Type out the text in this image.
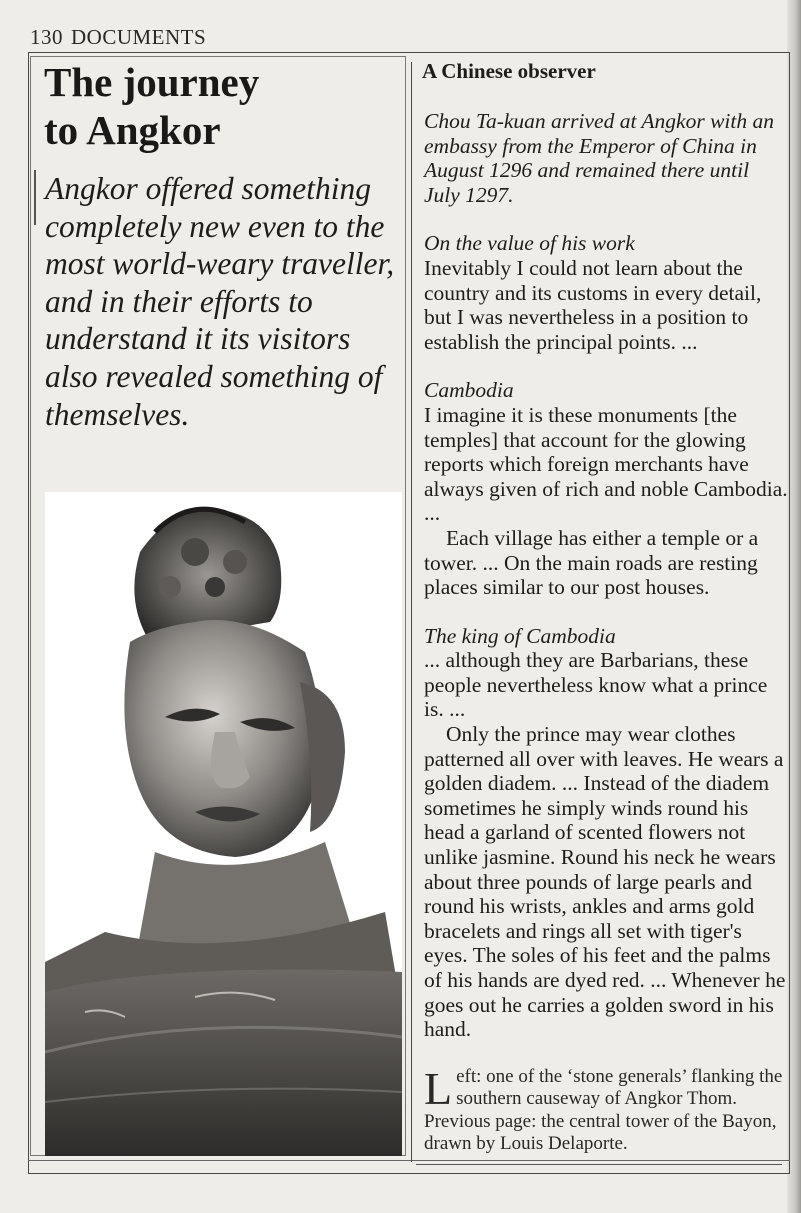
130 DOCUMENTS
The journey
to Angkor
Angkor offered something completely new even to the most world-weary traveller, and in their efforts to understand it its visitors also revealed something of themselves.
A Chinese observer
Chou Ta-kuan arrived at Angkor with an embassy from the Emperor of China in August 1296 and remained there until July 1297.
On the value of his work

Inevitably I could not learn about the country and its customs in every detail, but I was nevertheless in a position to establish the principal points. ...

Cambodia

I imagine it is these monuments [the temples] that account for the glowing reports which foreign merchants have always given of rich and noble Cambodia. ...

Each village has either a temple or a tower. ... On the main roads are resting places similar to our post houses.

The king of Cambodia

... although they are Barbarians, these people nevertheless know what a prince is. ...

Only the prince may wear clothes patterned all over with leaves. He wears a golden diadem. ... Instead of the diadem sometimes he simply winds round his head a garland of scented flowers not unlike jasmine. Round his neck he wears about three pounds of large pearls and round his wrists, ankles and arms gold bracelets and rings all set with tiger's eyes. The soles of his feet and the palms of his hands are dyed red. ... Whenever he goes out he carries a golden sword in his hand.

Left: one of the ‘stone generals’ flanking the southern causeway of Angkor Thom. Previous page: the central tower of the Bayon, drawn by Louis Delaporte.
